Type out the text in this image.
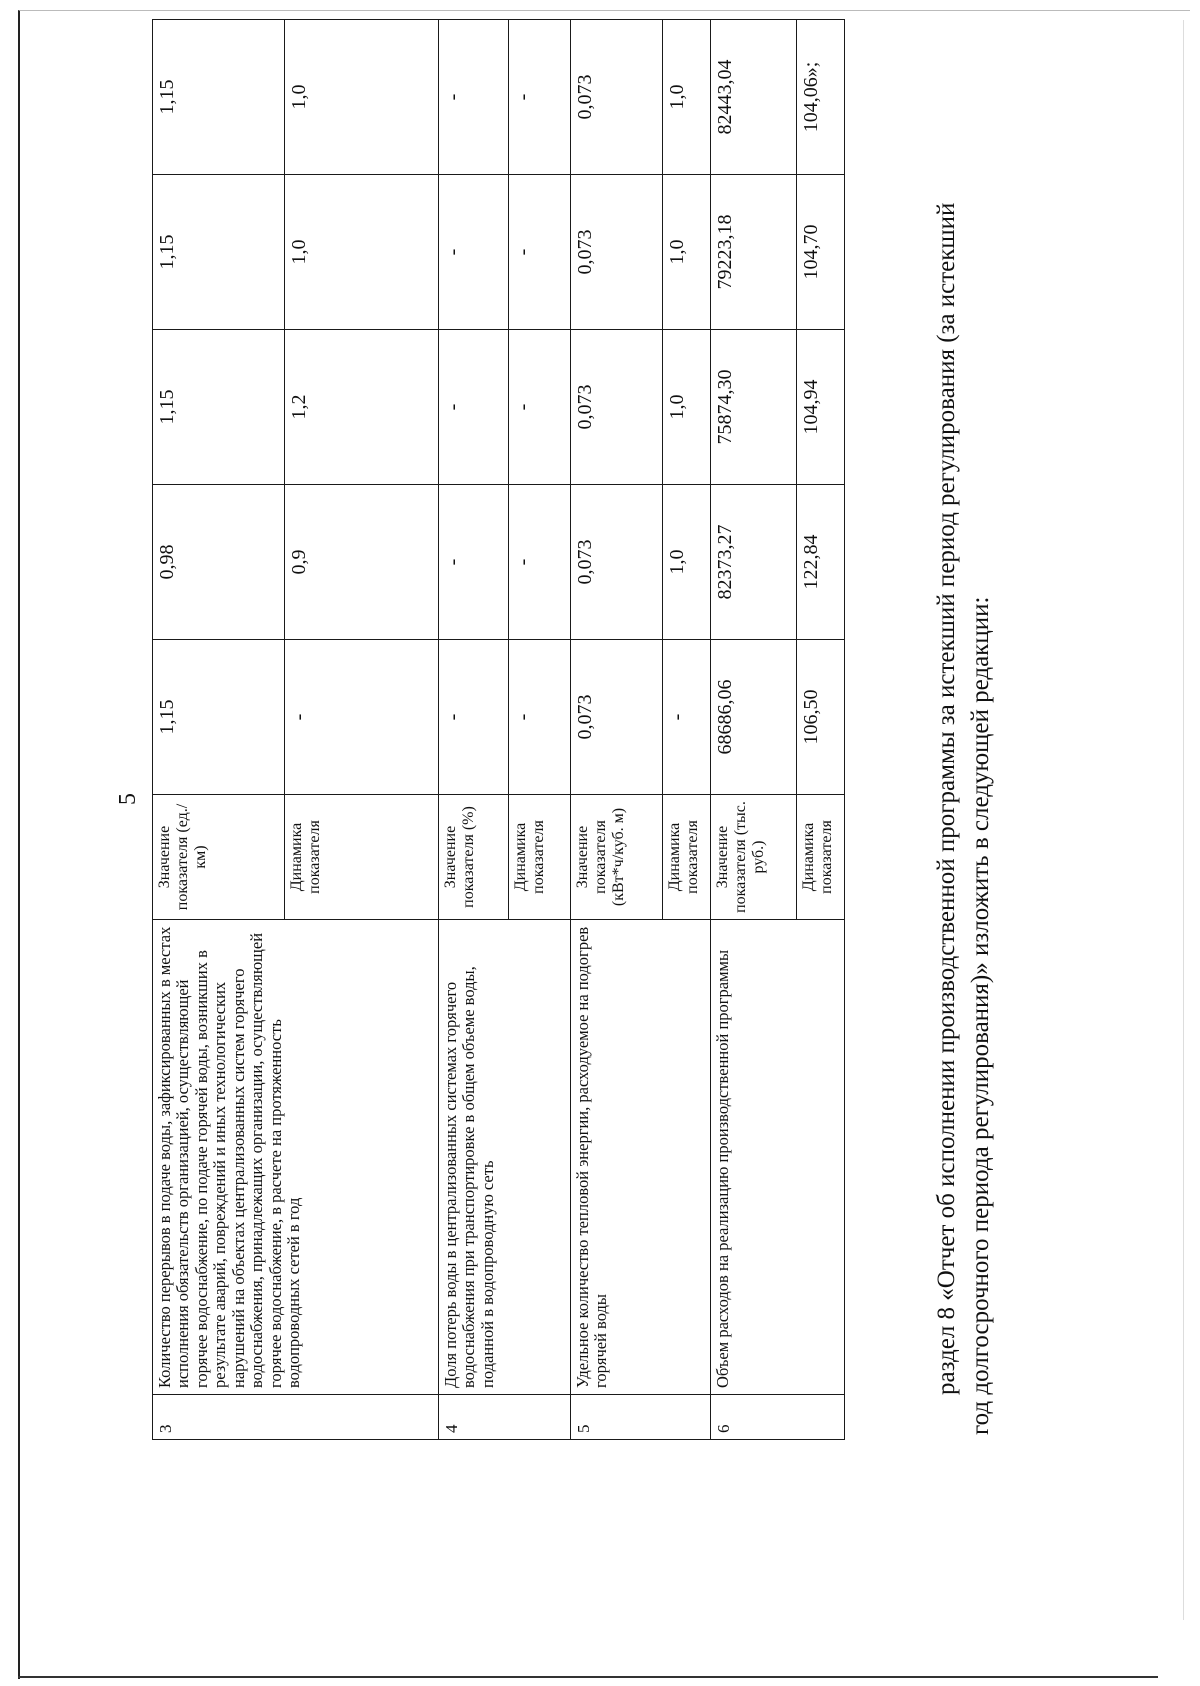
5
3	Количество перерывов в подаче воды, зафиксированных в местах исполнения обязательств организацией, осуществляющей горячее водоснабжение, по подаче горячей воды, возникших в результате аварий, повреждений и иных технологических нарушений на объектах централизованных систем горячего водоснабжения, принадлежащих организации, осуществляющей горячее водоснабжение, в расчете на протяженность водопроводных сетей в год	Значение показателя (ед./км)	1,15	0,98	1,15	1,15	1,15
		Динамика показателя	-	0,9	1,2	1,0	1,0
4	Доля потерь воды в централизованных системах горячего водоснабжения при транспортировке в общем объеме воды, поданной в водопроводную сеть	Значение показателя (%)	-	-	-	-	-
		Динамика показателя	-	-	-	-	-
5	Удельное количество тепловой энергии, расходуемое на подогрев горячей воды	Значение показателя (кВт*ч/куб. м)	0,073	0,073	0,073	0,073	0,073
		Динамика показателя	-	1,0	1,0	1,0	1,0
6	Объем расходов на реализацию производственной программы	Значение показателя (тыс. руб.)	68686,06	82373,27	75874,30	79223,18	82443,04
		Динамика показателя	106,50	122,84	104,94	104,70	104,06»;

раздел 8 «Отчет об исполнении производственной программы за истекший период регулирования (за истекший год долгосрочного периода регулирования)» изложить в следующей редакции:
